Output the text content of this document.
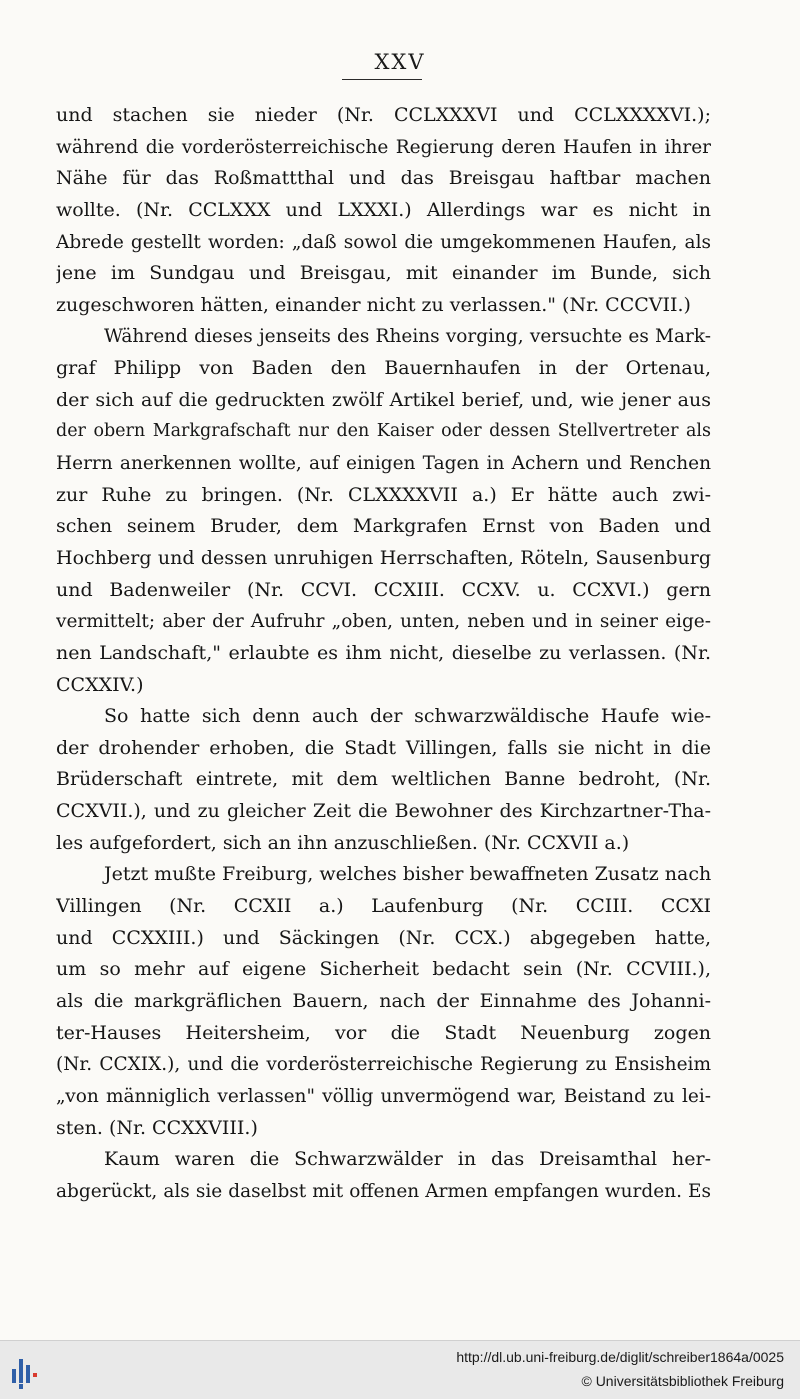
XXV
und stachen sie nieder (Nr. CCLXXXVI und CCLXXXXVI.);
während die vorderösterreichische Regierung deren Haufen in ihrer
Nähe für das Roßmattthal und das Breisgau haftbar machen
wollte. (Nr. CCLXXX und LXXXI.) Allerdings war es nicht in
Abrede gestellt worden: „daß sowol die umgekommenen Haufen, als
jene im Sundgau und Breisgau, mit einander im Bunde, sich
zugeschworen hätten, einander nicht zu verlassen." (Nr. CCCVII.)
Während dieses jenseits des Rheins vorging, versuchte es Mark-
graf Philipp von Baden den Bauernhaufen in der Ortenau,
der sich auf die gedruckten zwölf Artikel berief, und, wie jener aus
der obern Markgrafschaft nur den Kaiser oder dessen Stellvertreter als
Herrn anerkennen wollte, auf einigen Tagen in Achern und Renchen
zur Ruhe zu bringen. (Nr. CLXXXXVII a.) Er hätte auch zwi-
schen seinem Bruder, dem Markgrafen Ernst von Baden und
Hochberg und dessen unruhigen Herrschaften, Röteln, Sausenburg
und Badenweiler (Nr. CCVI. CCXIII. CCXV. u. CCXVI.) gern
vermittelt; aber der Aufruhr „oben, unten, neben und in seiner eige-
nen Landschaft," erlaubte es ihm nicht, dieselbe zu verlassen. (Nr.
CCXXIV.)
So hatte sich denn auch der schwarzwäldische Haufe wie-
der drohender erhoben, die Stadt Villingen, falls sie nicht in die
Brüderschaft eintrete, mit dem weltlichen Banne bedroht, (Nr.
CCXVII.), und zu gleicher Zeit die Bewohner des Kirchzartner-Tha-
les aufgefordert, sich an ihn anzuschließen. (Nr. CCXVII a.)
Jetzt mußte Freiburg, welches bisher bewaffneten Zusatz nach
Villingen (Nr. CCXII a.) Laufenburg (Nr. CCIII. CCXI
und CCXXIII.) und Säckingen (Nr. CCX.) abgegeben hatte,
um so mehr auf eigene Sicherheit bedacht sein (Nr. CCVIII.),
als die markgräflichen Bauern, nach der Einnahme des Johanni-
ter-Hauses Heitersheim, vor die Stadt Neuenburg zogen
(Nr. CCXIX.), und die vorderösterreichische Regierung zu Ensisheim
„von männiglich verlassen" völlig unvermögend war, Beistand zu lei-
sten. (Nr. CCXXVIII.)
Kaum waren die Schwarzwälder in das Dreisamthal her-
abgerückt, als sie daselbst mit offenen Armen empfangen wurden. Es
http://dl.ub.uni-freiburg.de/diglit/schreiber1864a/0025
© Universitätsbibliothek Freiburg
